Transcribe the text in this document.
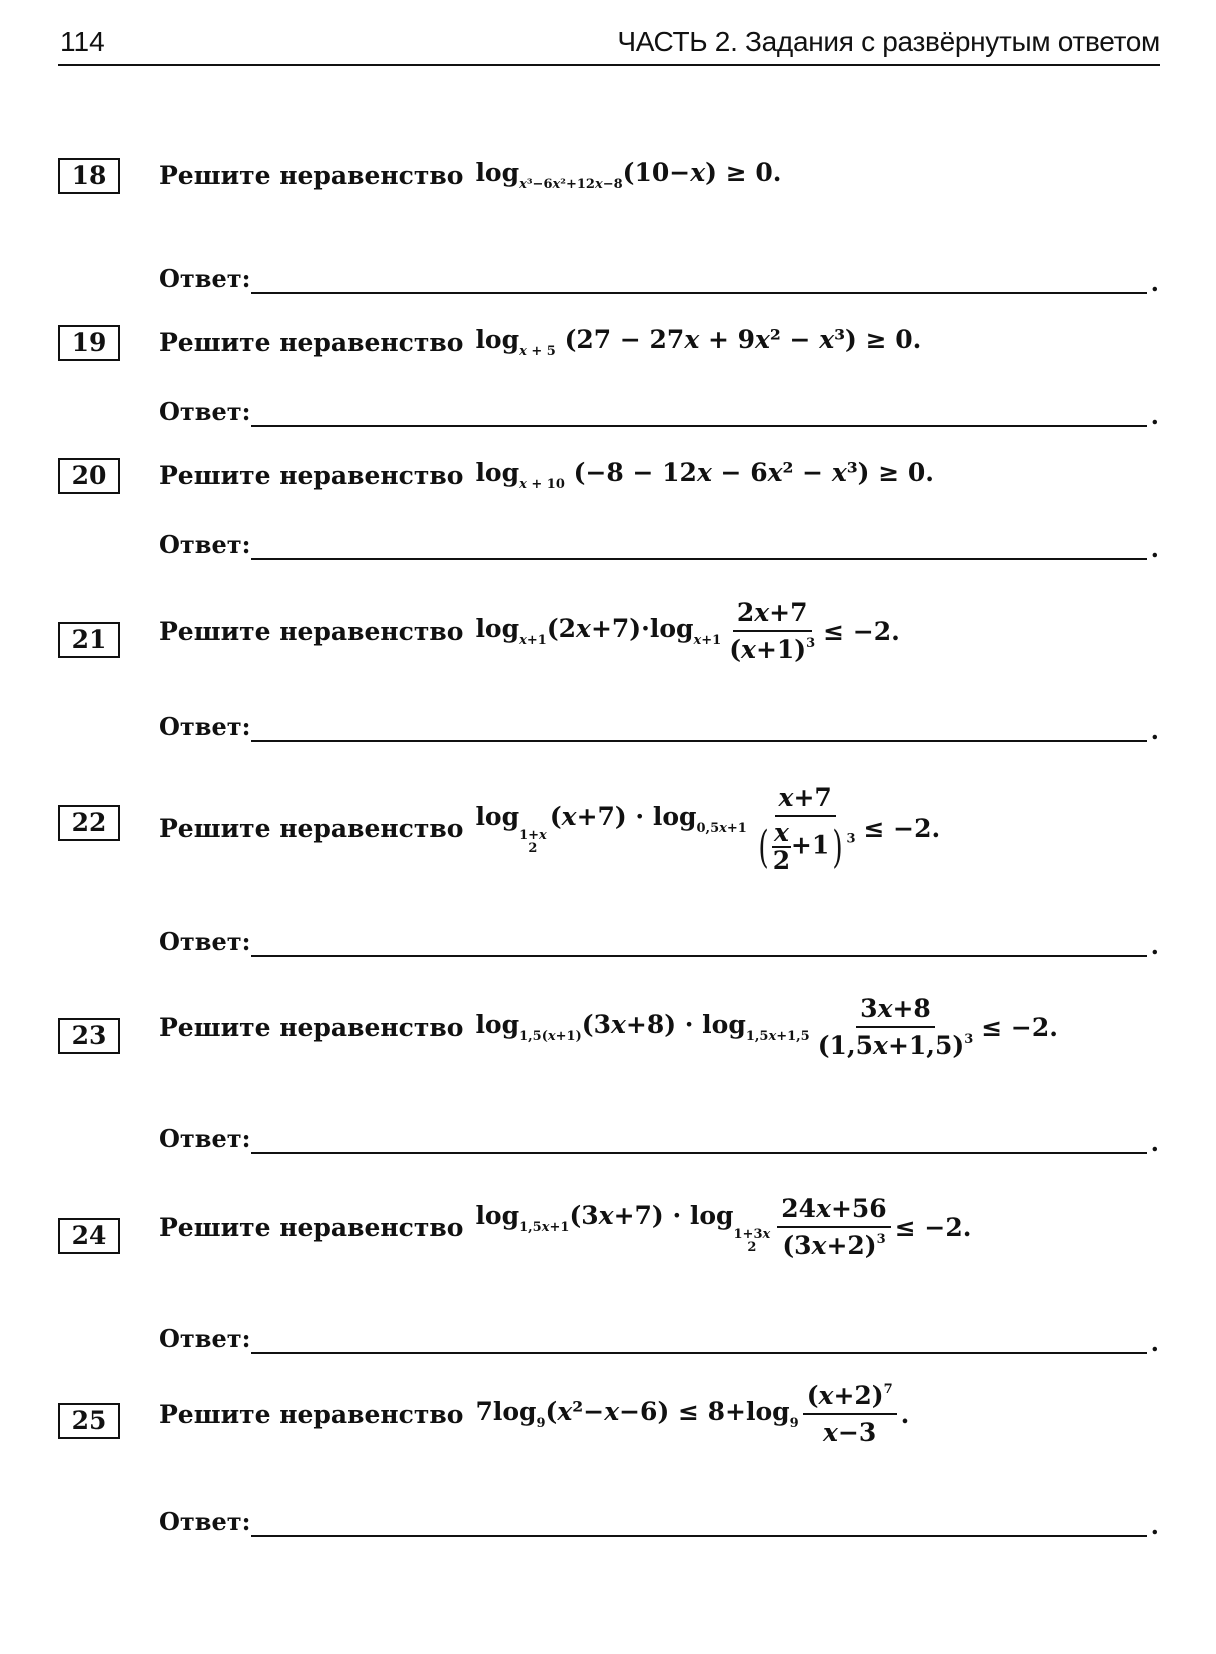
114	ЧАСТЬ 2. Задания с развёрнутым ответом
18	Решите неравенство $\log_{x^3-6x^2+12x-8}(10-x) \ge 0$.
Ответ:	.
19	Решите неравенство $\log_{x + 5} (27 - 27x + 9x^2 - x^3) \ge 0$.
Ответ:	.
20	Решите неравенство $\log_{x + 10} (-8 - 12x - 6x^2 - x^3) \ge 0$.
Ответ:	.
21	Решите неравенство $\log_{x+1}(2x+7)\cdot\log_{x+1} \frac{2x+7}{(x+1)^3} \le -2$.
Ответ:	.
22	Решите неравенство log
1+x
2
$(x+7) \cdot \log_{0,5x+1} \frac{x+7}{( \frac{x}{2} +1) ^3} \le -2$.
Ответ:	.
23	Решите неравенство $\log_{1,5(x+1)}(3x+8) \cdot \log_{1,5x+1,5} \frac{3x+8}{(1,5x+1,5)^3} \le -2$.
Ответ:	.
24	Решите неравенство $\log_{1,5x+1}(3x+7) \cdot \log$
1+3x
$2 \frac{24x+56}{(3x+2)^3} \le -2$.
Ответ:	.
25	Решите неравенство $7\log_9(x^2-x-6) \le 8+\log_9 \frac{(x+2)^7}{x-3}$ .
Ответ:	.
